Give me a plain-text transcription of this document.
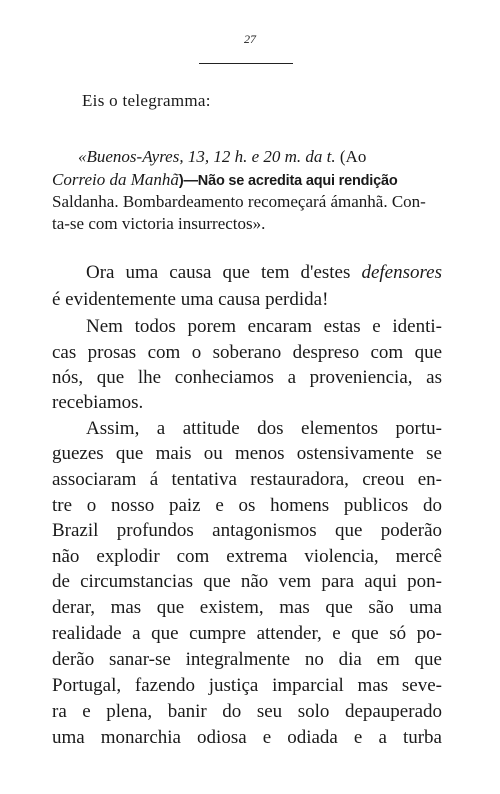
27
Eis o telegramma:
«Buenos-Ayres, 13, 12 h. e 20 m. da t. (Ao
Correio da Manhã)—Não se acredita aqui rendição
Saldanha. Bombardeamento recomeçará ámanhã. Con-
ta-se com victoria insurrectos».
Ora uma causa que tem d'estes defensores
é evidentemente uma causa perdida!
Nem todos porem encaram estas e identi-
cas prosas com o soberano despreso com que
nós, que lhe conheciamos a proveniencia, as
recebiamos.
Assim, a attitude dos elementos portu-
guezes que mais ou menos ostensivamente se
associaram á tentativa restauradora, creou en-
tre o nosso paiz e os homens publicos do
Brazil profundos antagonismos que poderão
não explodir com extrema violencia, mercê
de circumstancias que não vem para aqui pon-
derar, mas que existem, mas que são uma
realidade a que cumpre attender, e que só po-
derão sanar-se integralmente no dia em que
Portugal, fazendo justiça imparcial mas seve-
ra e plena, banir do seu solo depauperado
uma monarchia odiosa e odiada e a turba
